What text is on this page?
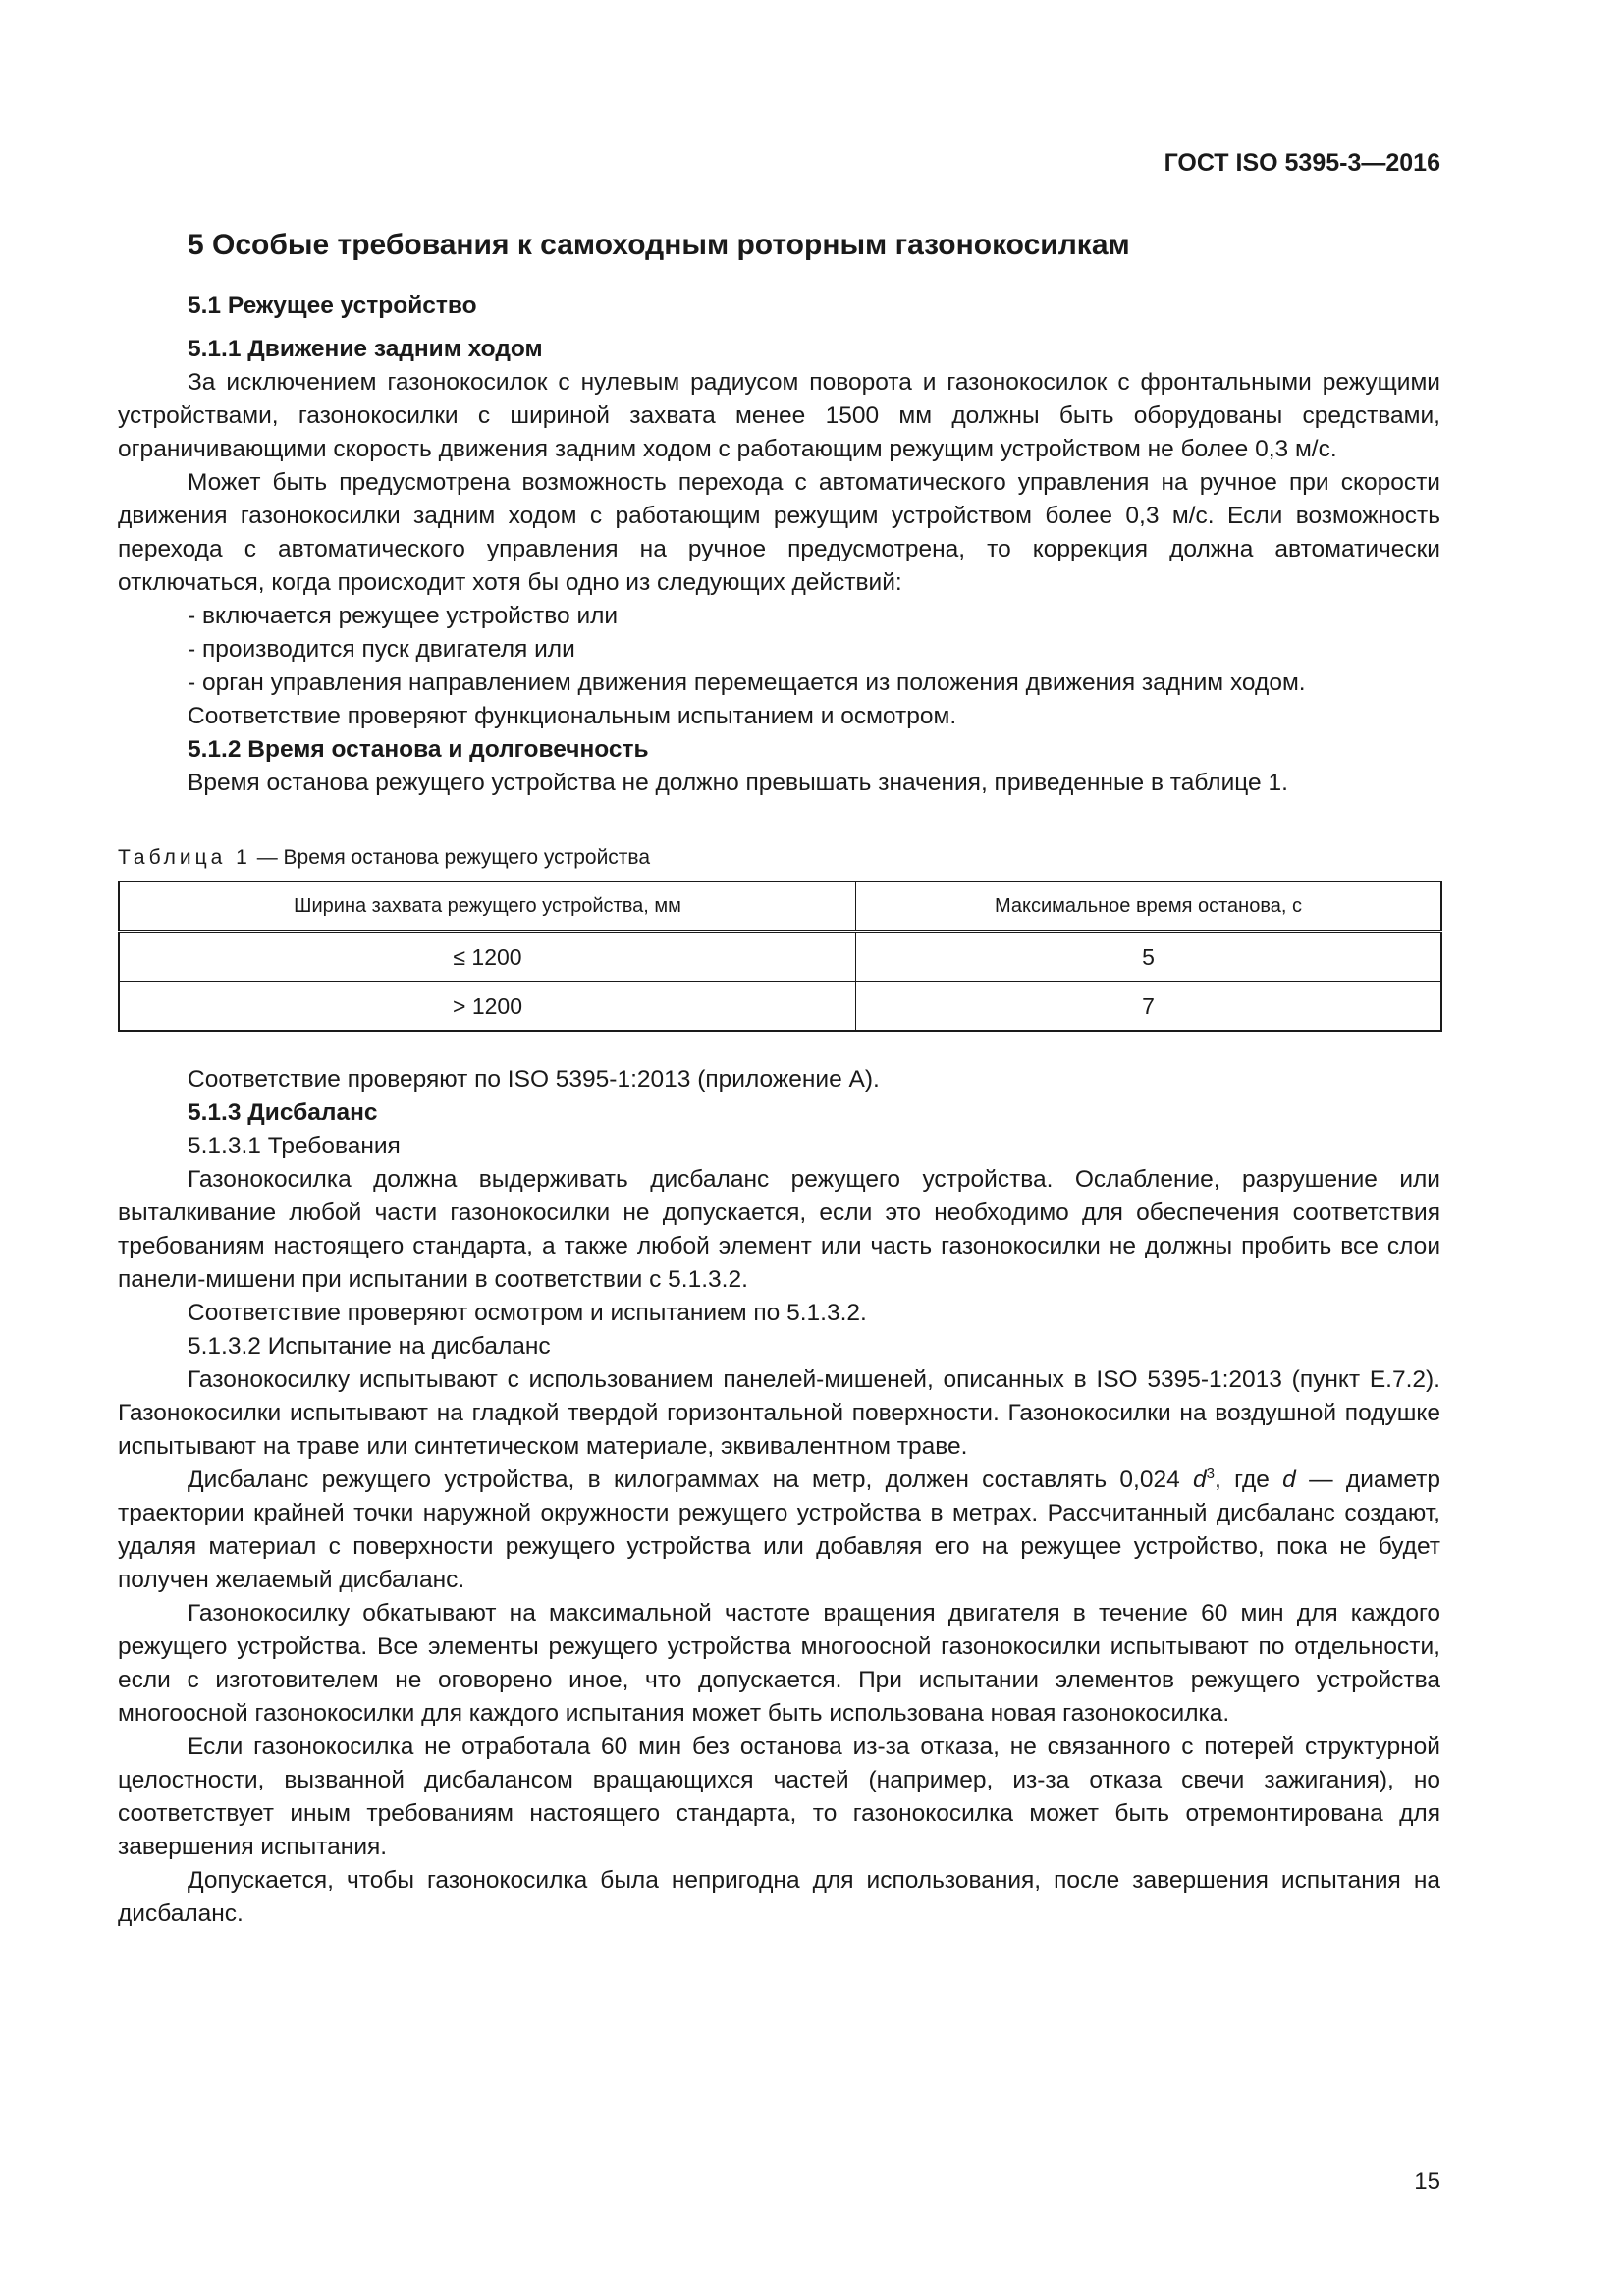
ГОСТ ISO 5395-3—2016
5 Особые требования к самоходным роторным газонокосилкам
5.1 Режущее устройство
5.1.1 Движение задним ходом

За исключением газонокосилок с нулевым радиусом поворота и газонокосилок с фронтальными режущими устройствами, газонокосилки с шириной захвата менее 1500 мм должны быть оборудованы средствами, ограничивающими скорость движения задним ходом с работающим режущим устройством не более 0,3 м/с.

Может быть предусмотрена возможность перехода с автоматического управления на ручное при скорости движения газонокосилки задним ходом с работающим режущим устройством более 0,3 м/с. Если возможность перехода с автоматического управления на ручное предусмотрена, то коррекция должна автоматически отключаться, когда происходит хотя бы одно из следующих действий:

- включается режущее устройство или
- производится пуск двигателя или
- орган управления направлением движения перемещается из положения движения задним ходом.

Соответствие проверяют функциональным испытанием и осмотром.

5.1.2 Время останова и долговечность

Время останова режущего устройства не должно превышать значения, приведенные в таблице 1.

Таблица 1 — Время останова режущего устройства
Ширина захвата режущего устройства, мм	Максимальное время останова, с
≤ 1200	5
> 1200	7

Соответствие проверяют по ISO 5395-1:2013 (приложение А).

5.1.3 Дисбаланс
5.1.3.1 Требования

Газонокосилка должна выдерживать дисбаланс режущего устройства. Ослабление, разрушение или выталкивание любой части газонокосилки не допускается, если это необходимо для обеспечения соответствия требованиям настоящего стандарта, а также любой элемент или часть газонокосилки не должны пробить все слои панели-мишени при испытании в соответствии с 5.1.3.2.

Соответствие проверяют осмотром и испытанием по 5.1.3.2.

5.1.3.2 Испытание на дисбаланс

Газонокосилку испытывают с использованием панелей-мишеней, описанных в ISO 5395-1:2013 (пункт Е.7.2). Газонокосилки испытывают на гладкой твердой горизонтальной поверхности. Газонокосилки на воздушной подушке испытывают на траве или синтетическом материале, эквивалентном траве.

Дисбаланс режущего устройства, в килограммах на метр, должен составлять 0,024 $d^3$, где d — диаметр траектории крайней точки наружной окружности режущего устройства в метрах. Рассчитанный дисбаланс создают, удаляя материал с поверхности режущего устройства или добавляя его на режущее устройство, пока не будет получен желаемый дисбаланс.

Газонокосилку обкатывают на максимальной частоте вращения двигателя в течение 60 мин для каждого режущего устройства. Все элементы режущего устройства многоосной газонокосилки испытывают по отдельности, если с изготовителем не оговорено иное, что допускается. При испытании элементов режущего устройства многоосной газонокосилки для каждого испытания может быть использована новая газонокосилка.

Если газонокосилка не отработала 60 мин без останова из-за отказа, не связанного с потерей структурной целостности, вызванной дисбалансом вращающихся частей (например, из-за отказа свечи зажигания), но соответствует иным требованиям настоящего стандарта, то газонокосилка может быть отремонтирована для завершения испытания.

Допускается, чтобы газонокосилка была непригодна для использования, после завершения испытания на дисбаланс.

15
